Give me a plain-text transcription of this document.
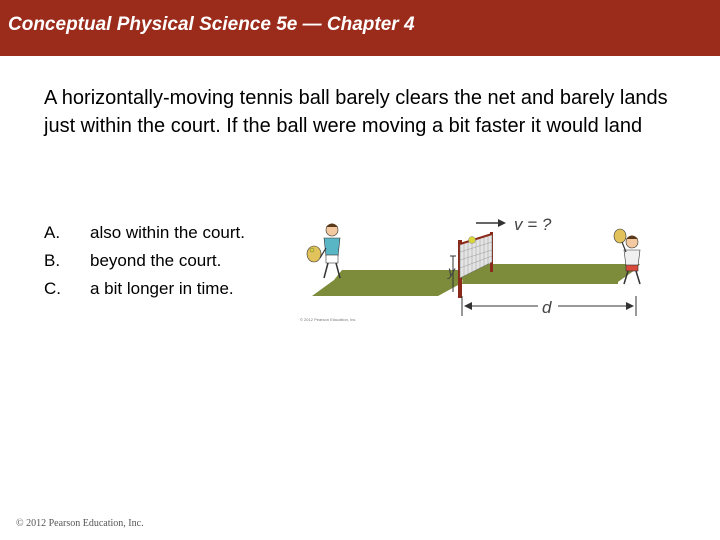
Conceptual Physical Science 5e — Chapter 4
A horizontally-moving tennis ball barely clears the net and barely lands just within the court. If the ball were moving a bit faster it would land
A.	also within the court.
B.	beyond the court.
C.	a bit longer in time.
v = ?
y
d
© 2012 Pearson Education, Inc.
© 2012 Pearson Education, Inc.
